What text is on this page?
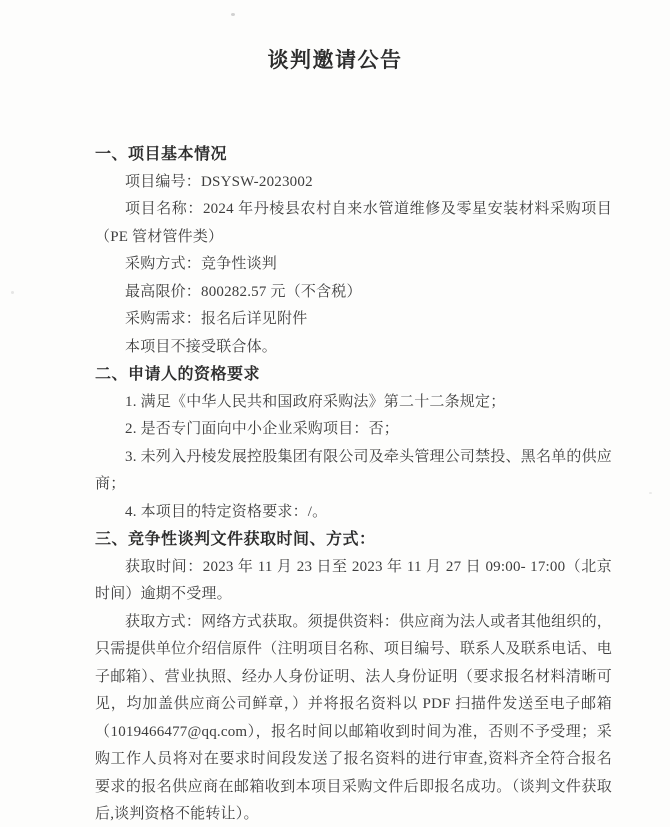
谈判邀请公告
一、项目基本情况

项目编号：DSYSW-2023002

项目名称：2024 年丹棱县农村自来水管道维修及零星安装材料采购项目（PE 管材管件类）

采购方式：竞争性谈判

最高限价：800282.57 元（不含税）

采购需求：报名后详见附件

本项目不接受联合体。

二、申请人的资格要求

1. 满足《中华人民共和国政府采购法》第二十二条规定；

2. 是否专门面向中小企业采购项目：否；

3. 未列入丹棱发展控股集团有限公司及牵头管理公司禁投、黑名单的供应商；

4. 本项目的特定资格要求：/。

三、竞争性谈判文件获取时间、方式：

获取时间：2023 年 11 月 23 日至 2023 年 11 月 27 日 09:00- 17:00（北京时间）逾期不受理。

获取方式：网络方式获取。须提供资料：供应商为法人或者其他组织的，只需提供单位介绍信原件（注明项目名称、项目编号、联系人及联系电话、电子邮箱）、营业执照、经办人身份证明、法人身份证明（要求报名材料清晰可见，均加盖供应商公司鲜章，）并将报名资料以 PDF 扫描件发送至电子邮箱（1019466477@qq.com），报名时间以邮箱收到时间为准，否则不予受理；采购工作人员将对在要求时间段发送了报名资料的进行审查,资料齐全符合报名要求的报名供应商在邮箱收到本项目采购文件后即报名成功。（谈判文件获取后,谈判资格不能转让）。
